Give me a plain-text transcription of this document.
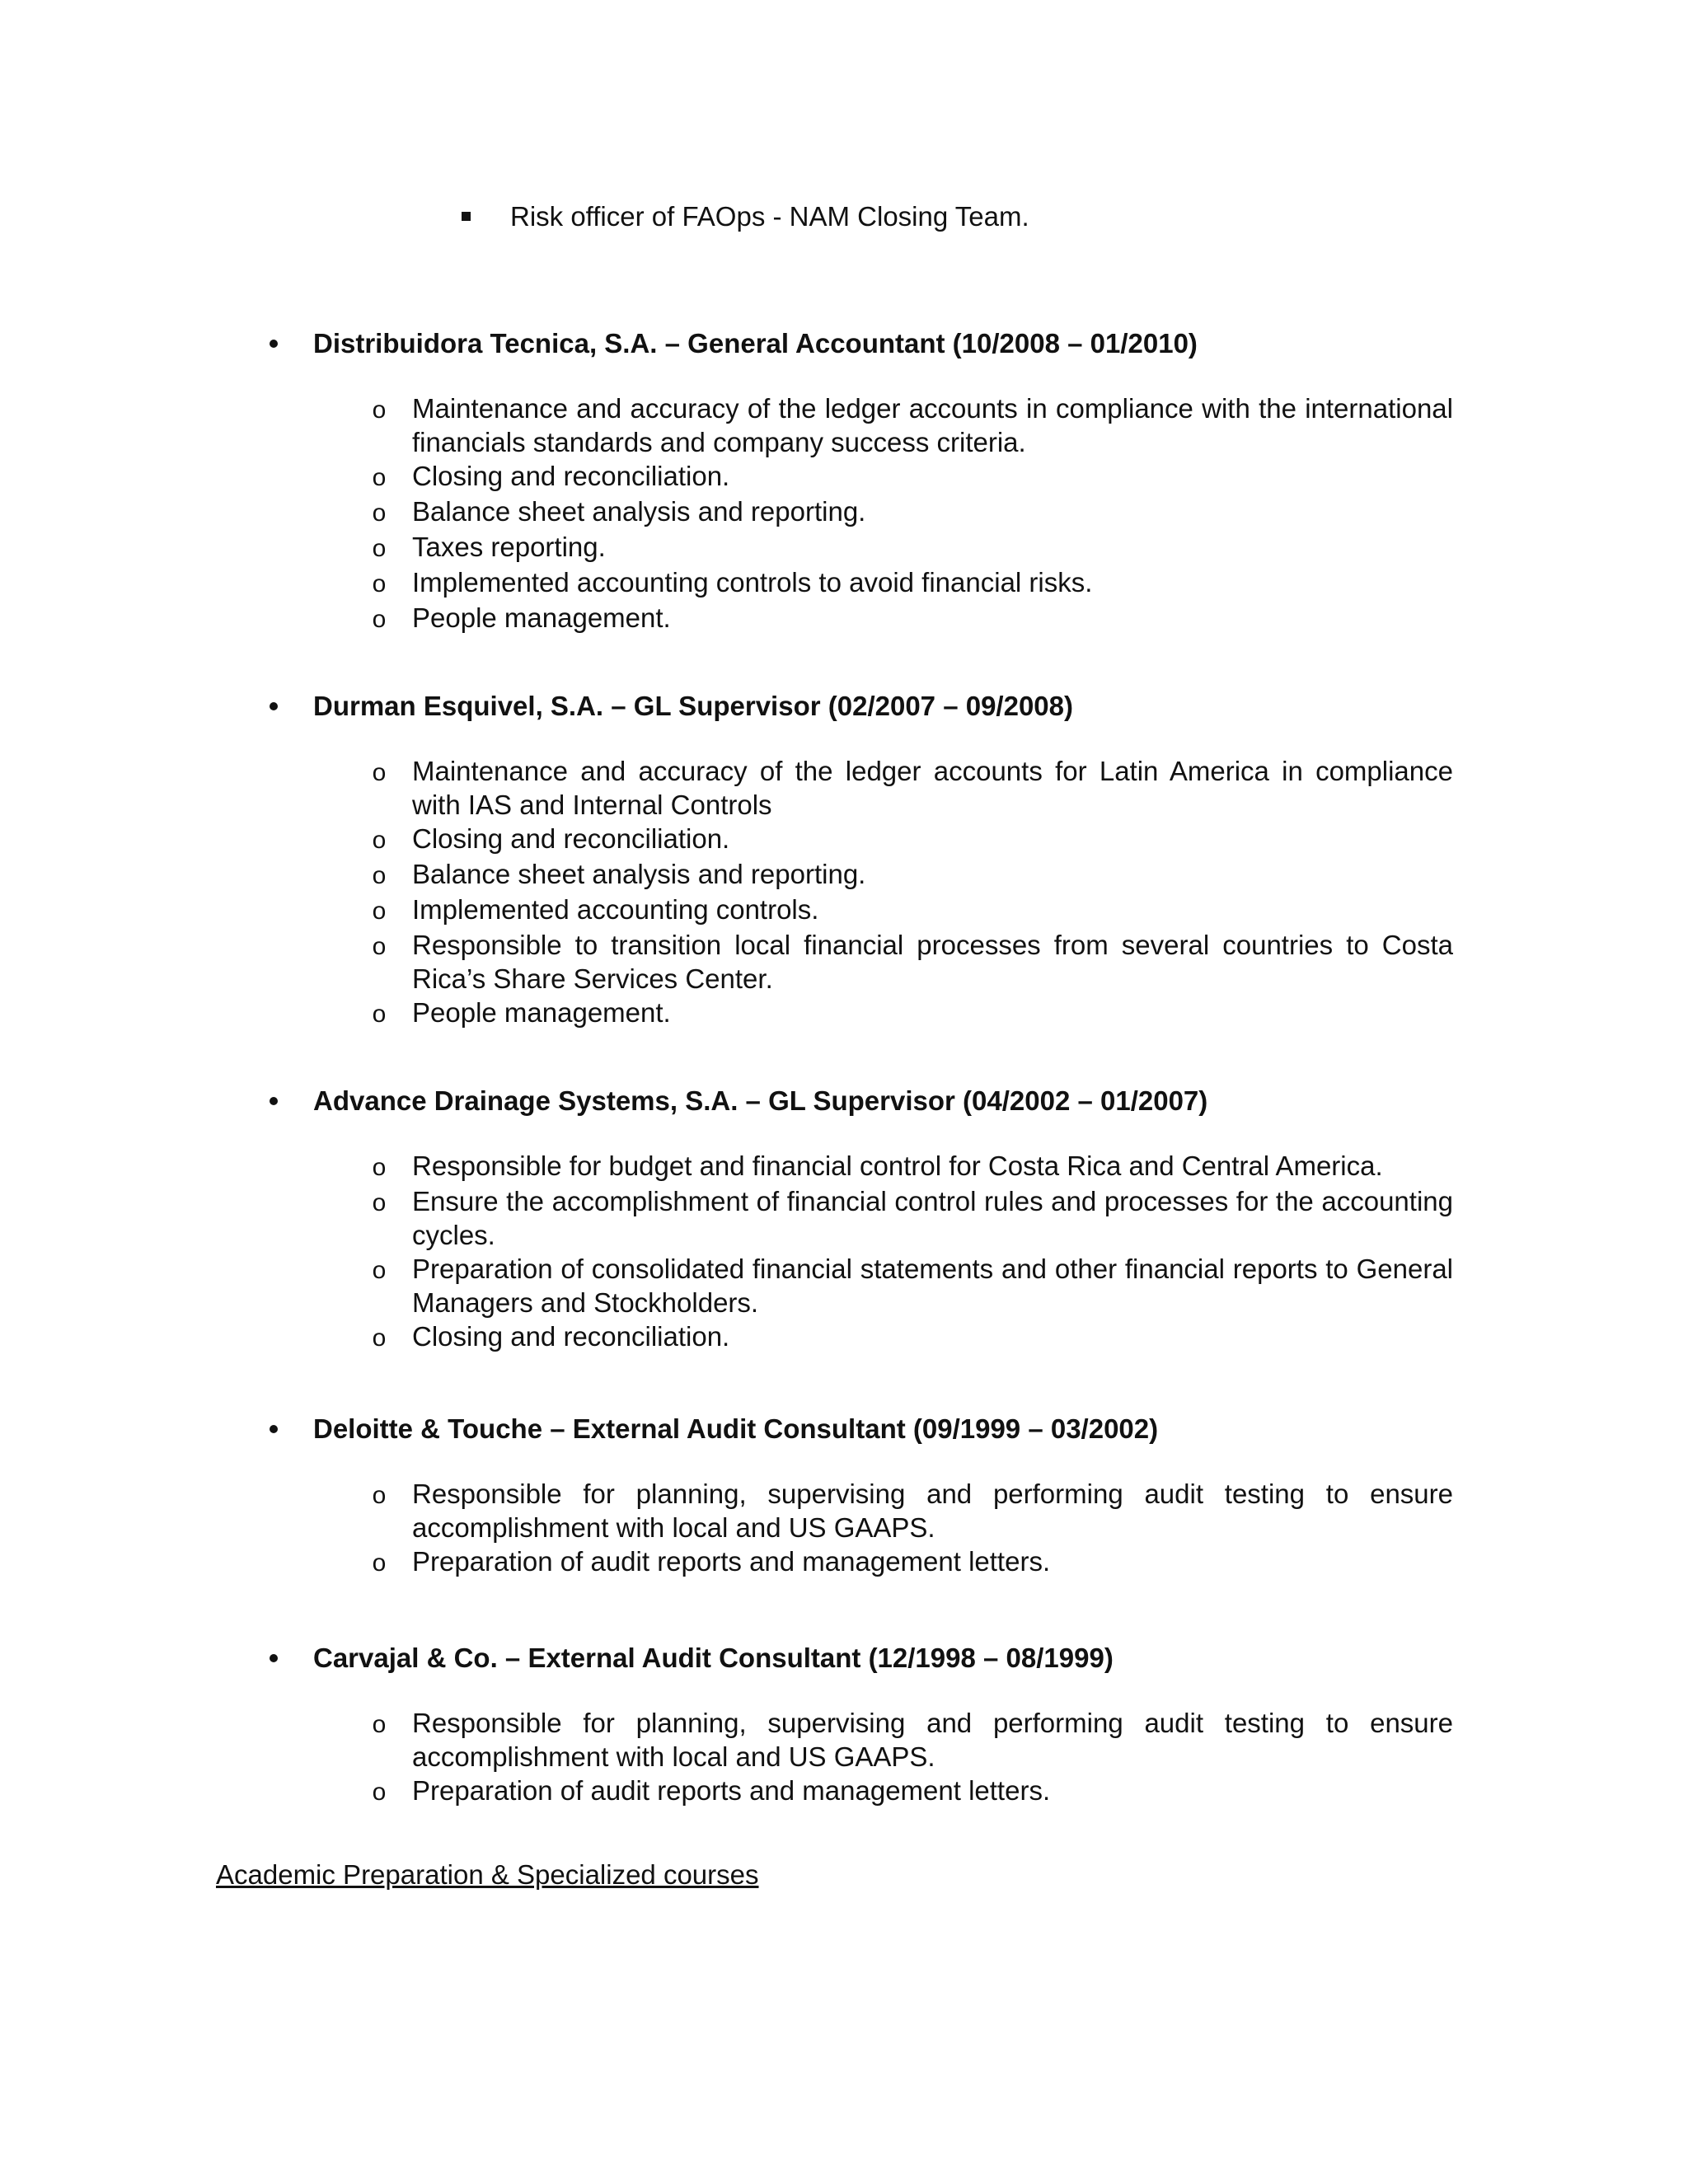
Risk officer of FAOps - NAM Closing Team.
Distribuidora Tecnica, S.A. – General Accountant (10/2008 – 01/2010)
o Maintenance and accuracy of the ledger accounts in compliance with the international financials standards and company success criteria.
o Closing and reconciliation.
o Balance sheet analysis and reporting.
o Taxes reporting.
o Implemented accounting controls to avoid financial risks.
o People management.
Durman Esquivel, S.A. – GL Supervisor (02/2007 – 09/2008)
o Maintenance and accuracy of the ledger accounts for Latin America in compliance with IAS and Internal Controls
o Closing and reconciliation.
o Balance sheet analysis and reporting.
o Implemented accounting controls.
o Responsible to transition local financial processes from several countries to Costa Rica’s Share Services Center.
o People management.
Advance Drainage Systems, S.A. – GL Supervisor (04/2002 – 01/2007)
o Responsible for budget and financial control for Costa Rica and Central America.
o Ensure the accomplishment of financial control rules and processes for the accounting cycles.
o Preparation of consolidated financial statements and other financial reports to General Managers and Stockholders.
o Closing and reconciliation.
Deloitte & Touche – External Audit Consultant (09/1999 – 03/2002)
o Responsible for planning, supervising and performing audit testing to ensure accomplishment with local and US GAAPS.
o Preparation of audit reports and management letters.
Carvajal & Co. – External Audit Consultant (12/1998 – 08/1999)
o Responsible for planning, supervising and performing audit testing to ensure accomplishment with local and US GAAPS.
o Preparation of audit reports and management letters.
Academic Preparation & Specialized courses
